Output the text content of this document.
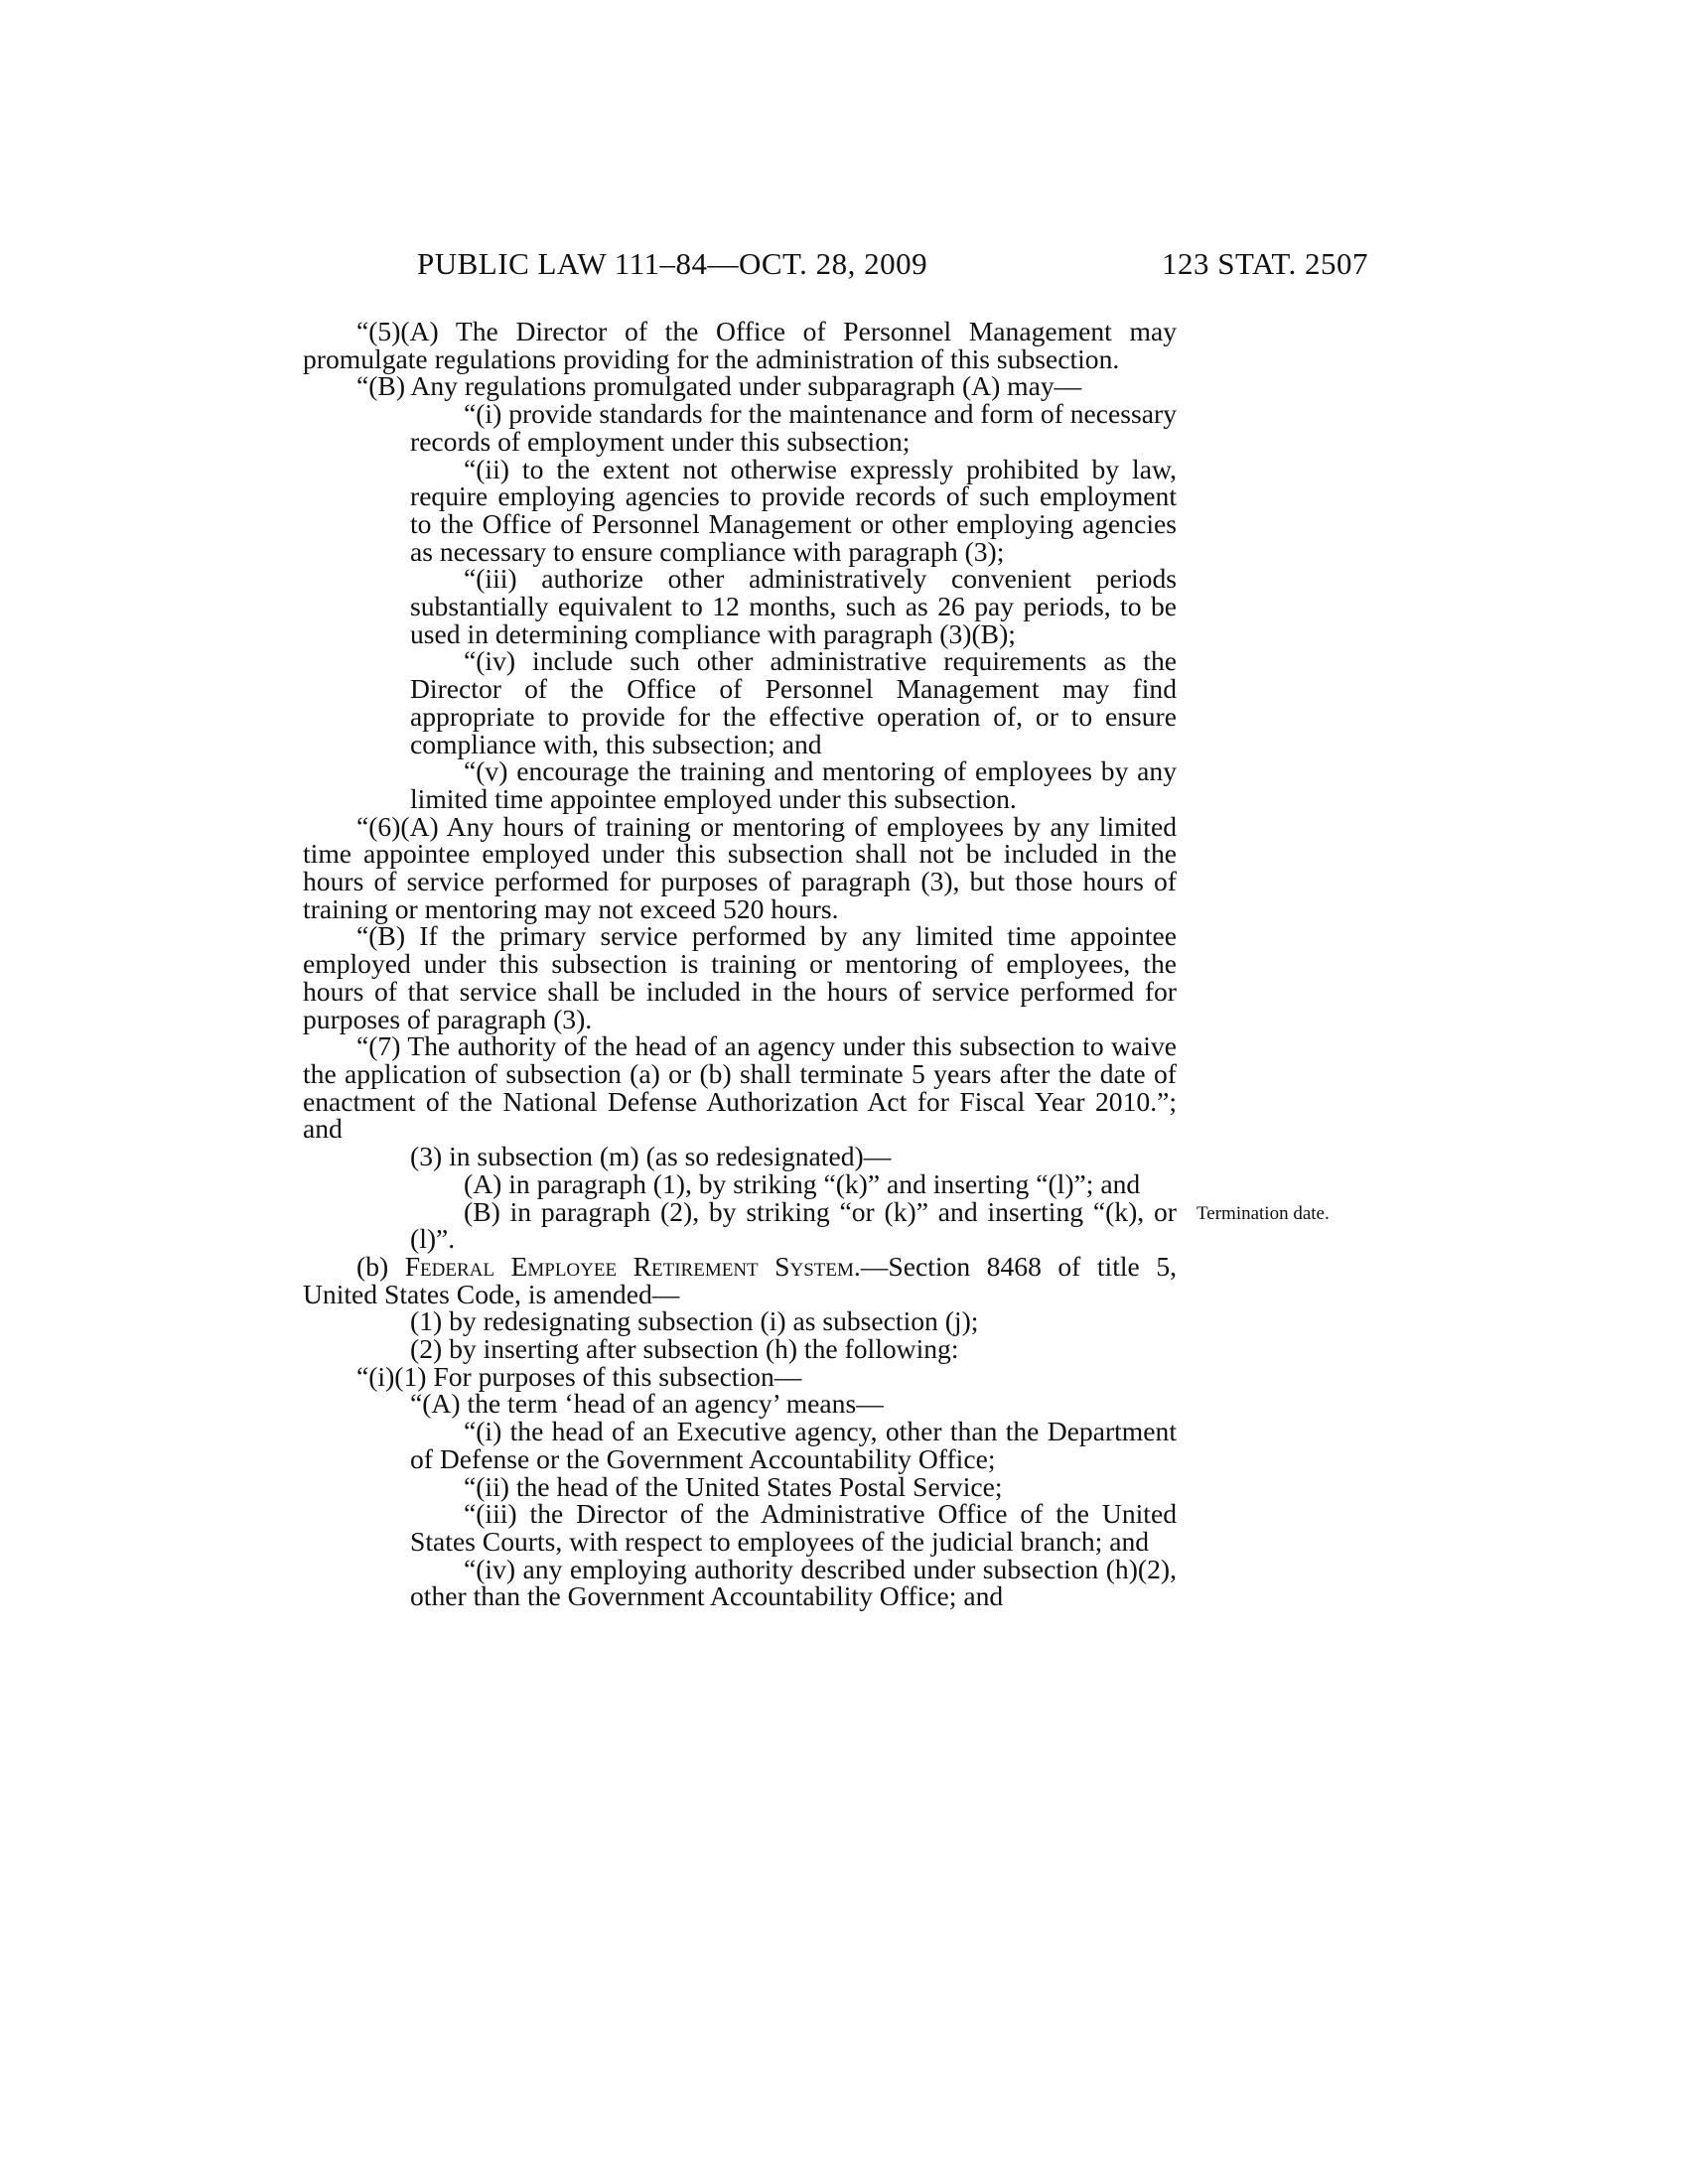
PUBLIC LAW 111–84—OCT. 28, 2009	123 STAT. 2507

“(5)(A) The Director of the Office of Personnel Management may promulgate regulations providing for the administration of this subsection.

“(B) Any regulations promulgated under subparagraph (A) may—

“(i) provide standards for the maintenance and form of necessary records of employment under this subsection;

“(ii) to the extent not otherwise expressly prohibited by law, require employing agencies to provide records of such employment to the Office of Personnel Management or other employing agencies as necessary to ensure compliance with paragraph (3);

“(iii) authorize other administratively convenient periods substantially equivalent to 12 months, such as 26 pay periods, to be used in determining compliance with paragraph (3)(B);

“(iv) include such other administrative requirements as the Director of the Office of Personnel Management may find appropriate to provide for the effective operation of, or to ensure compliance with, this subsection; and

“(v) encourage the training and mentoring of employees by any limited time appointee employed under this subsection.

“(6)(A) Any hours of training or mentoring of employees by any limited time appointee employed under this subsection shall not be included in the hours of service performed for purposes of paragraph (3), but those hours of training or mentoring may not exceed 520 hours.

“(B) If the primary service performed by any limited time appointee employed under this subsection is training or mentoring of employees, the hours of that service shall be included in the hours of service performed for purposes of paragraph (3).

“(7) The authority of the head of an agency under this subsection to waive the application of subsection (a) or (b) shall terminate 5 years after the date of enactment of the National Defense Authorization Act for Fiscal Year 2010.”; and

(3) in subsection (m) (as so redesignated)—

(A) in paragraph (1), by striking “(k)” and inserting “(l)”; and

(B) in paragraph (2), by striking “or (k)” and inserting “(k), or (l)”.

(b) Federal Employee Retirement System.—Section 8468 of title 5, United States Code, is amended—

(1) by redesignating subsection (i) as subsection (j);

(2) by inserting after subsection (h) the following:

“(i)(1) For purposes of this subsection—

“(A) the term ‘head of an agency’ means—

“(i) the head of an Executive agency, other than the Department of Defense or the Government Accountability Office;

“(ii) the head of the United States Postal Service;

“(iii) the Director of the Administrative Office of the United States Courts, with respect to employees of the judicial branch; and

“(iv) any employing authority described under subsection (h)(2), other than the Government Accountability Office; and

Termination date.
